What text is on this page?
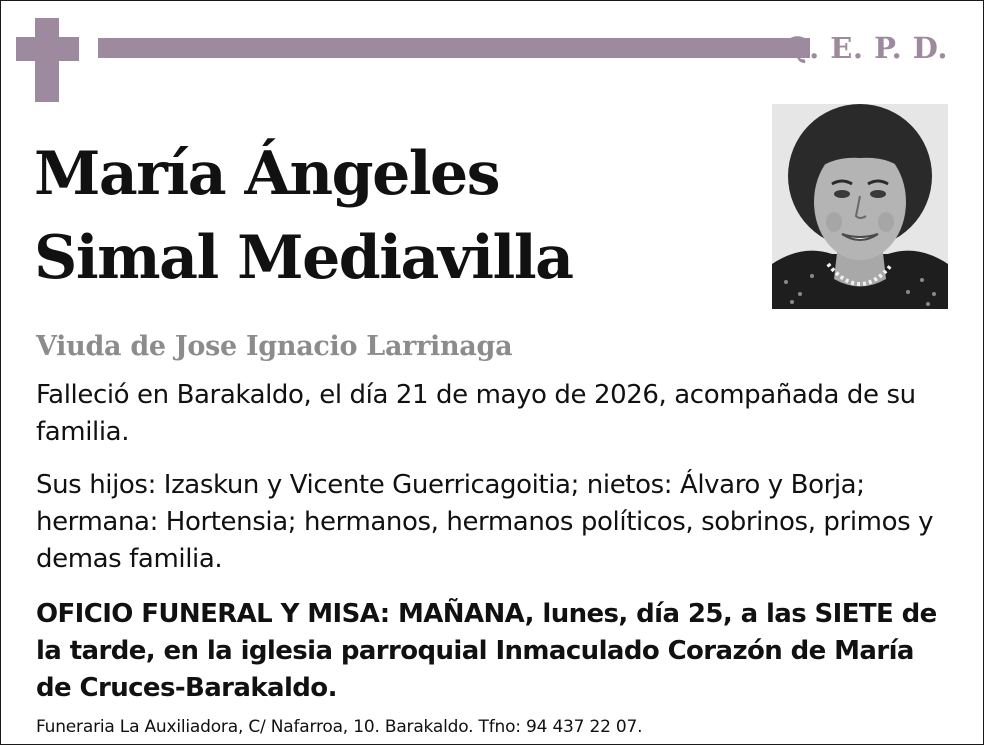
Q. E. P. D.
María Ángeles
Simal Mediavilla
Viuda de Jose Ignacio Larrinaga
Falleció en Barakaldo, el día 21 de mayo de 2026, acompañada de su familia.
Sus hijos: Izaskun y Vicente Guerricagoitia; nietos: Álvaro y Borja; hermana: Hortensia; hermanos, hermanos políticos, sobrinos, primos y demas familia.
OFICIO FUNERAL Y MISA: MAÑANA, lunes, día 25, a las SIETE de la tarde, en la iglesia parroquial Inmaculado Corazón de María de Cruces-Barakaldo.
Funeraria La Auxiliadora, C/ Nafarroa, 10. Barakaldo. Tfno: 94 437 22 07.
